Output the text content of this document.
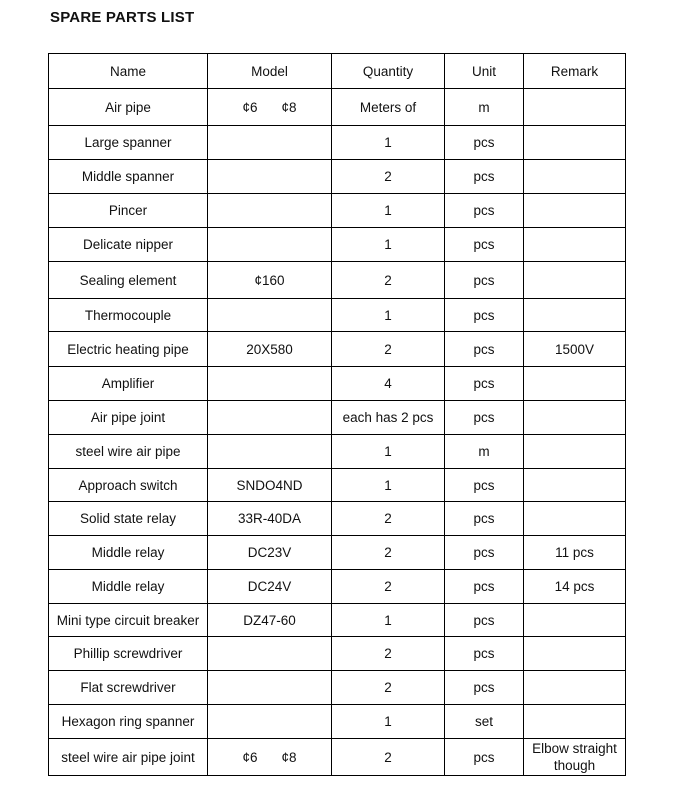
SPARE PARTS LIST
Name	Model	Quantity	Unit	Remark
Air pipe	¢6 ¢8	Meters of	m	
Large spanner		1	pcs	
Middle spanner		2	pcs	
Pincer		1	pcs	
Delicate nipper		1	pcs	
Sealing element	¢160	2	pcs	
Thermocouple		1	pcs	
Electric heating pipe	20X580	2	pcs	1500V
Amplifier		4	pcs	
Air pipe joint		each has 2 pcs	pcs	
steel wire air pipe		1	m	
Approach switch	SNDO4ND	1	pcs	
Solid state relay	33R-40DA	2	pcs	
Middle relay	DC23V	2	pcs	11 pcs
Middle relay	DC24V	2	pcs	14 pcs
Mini type circuit breaker	DZ47-60	1	pcs	
Phillip screwdriver		2	pcs	
Flat screwdriver		2	pcs	
Hexagon ring spanner		1	set	
steel wire air pipe joint	¢6 ¢8	2	pcs	Elbow straight though
